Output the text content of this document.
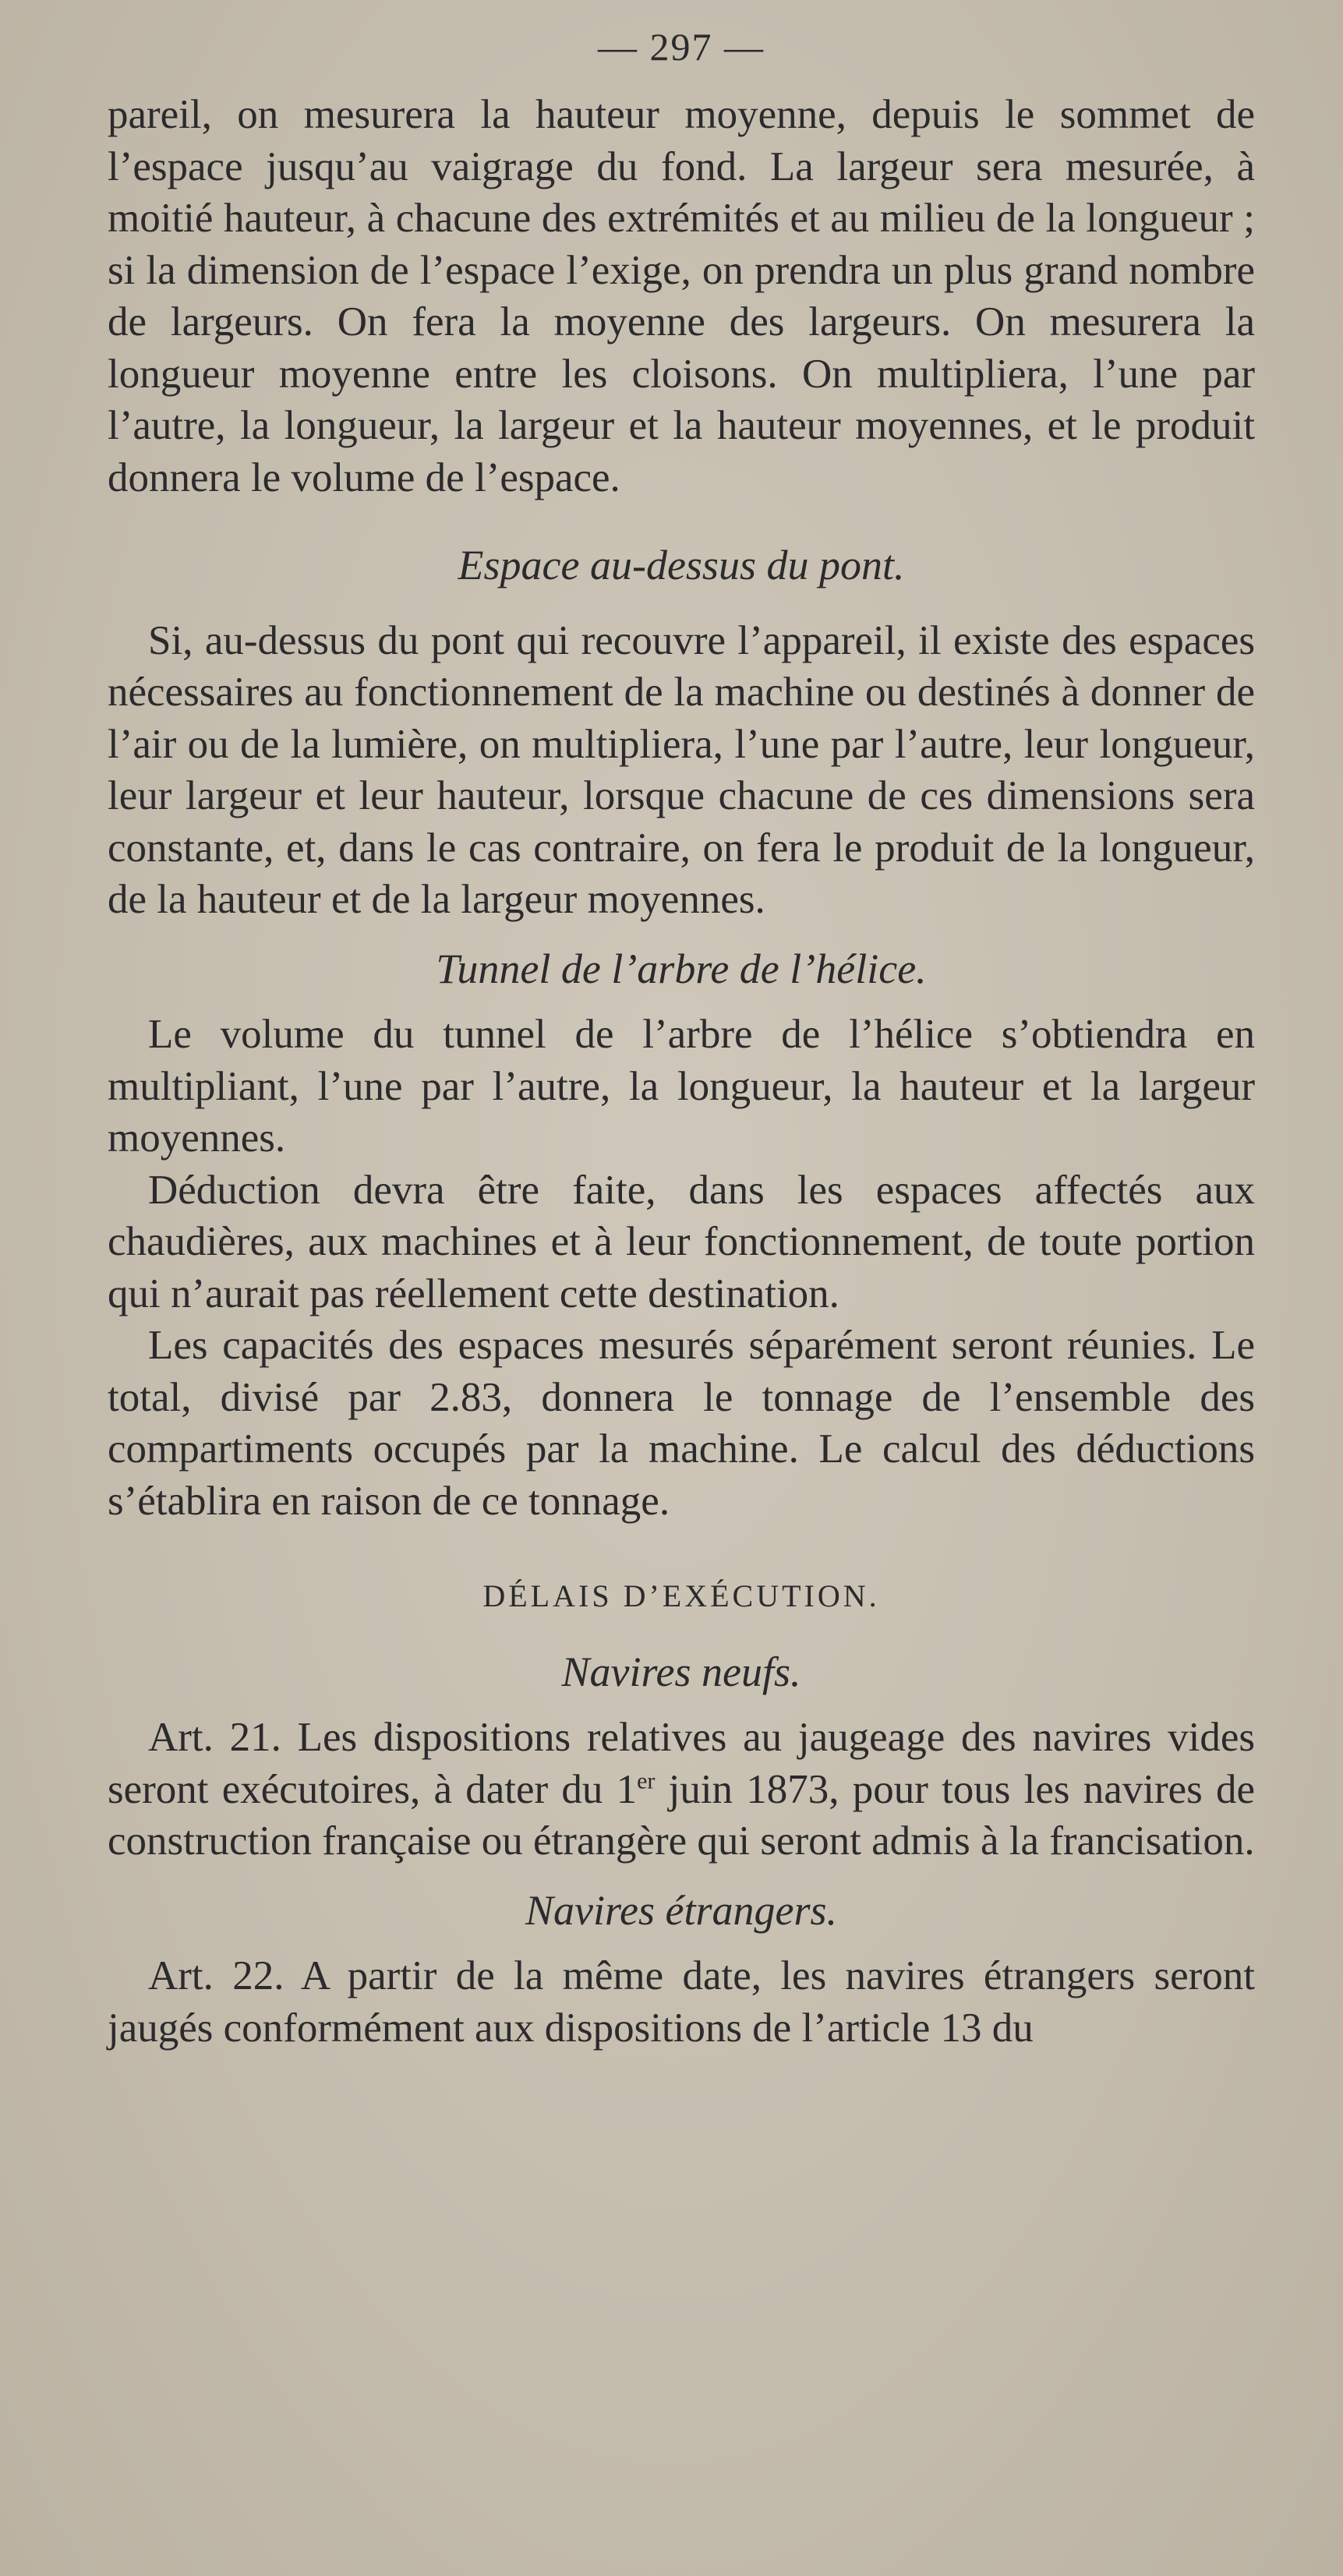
— 297 —

pareil, on mesurera la hauteur moyenne, depuis le sommet de l’espace jusqu’au vaigrage du fond. La largeur sera mesurée, à moitié hauteur, à chacune des extrémités et au milieu de la longueur ; si la dimension de l’espace l’exige, on prendra un plus grand nombre de largeurs. On fera la moyenne des largeurs. On mesurera la longueur moyenne entre les cloisons. On multipliera, l’une par l’autre, la longueur, la largeur et la hauteur moyennes, et le produit donnera le volume de l’espace.

Espace au-dessus du pont.

Si, au-dessus du pont qui recouvre l’appareil, il existe des espaces nécessaires au fonctionnement de la machine ou destinés à donner de l’air ou de la lumière, on multipliera, l’une par l’autre, leur longueur, leur largeur et leur hauteur, lorsque chacune de ces dimensions sera constante, et, dans le cas contraire, on fera le produit de la longueur, de la hauteur et de la largeur moyennes.

Tunnel de l’arbre de l’hélice.

Le volume du tunnel de l’arbre de l’hélice s’obtiendra en multipliant, l’une par l’autre, la longueur, la hauteur et la largeur moyennes.

Déduction devra être faite, dans les espaces affectés aux chaudières, aux machines et à leur fonctionnement, de toute portion qui n’aurait pas réellement cette destination.

Les capacités des espaces mesurés séparément seront réunies. Le total, divisé par 2.83, donnera le tonnage de l’ensemble des compartiments occupés par la machine. Le calcul des déductions s’établira en raison de ce tonnage.

DÉLAIS D’EXÉCUTION.
Navires neufs.

Art. 21. Les dispositions relatives au jaugeage des navires vides seront exécutoires, à dater du 1er juin 1873, pour tous les navires de construction française ou étrangère qui seront admis à la francisation.

Navires étrangers.

Art. 22. A partir de la même date, les navires étrangers seront jaugés conformément aux dispositions de l’article 13 du
